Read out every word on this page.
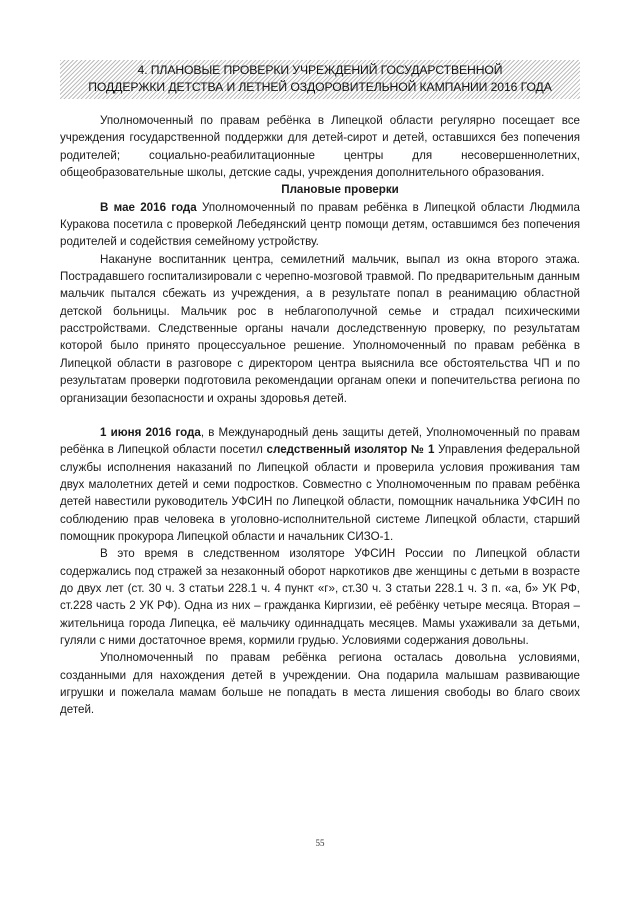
4. ПЛАНОВЫЕ ПРОВЕРКИ УЧРЕЖДЕНИЙ ГОСУДАРСТВЕННОЙ
ПОДДЕРЖКИ ДЕТСТВА И ЛЕТНЕЙ ОЗДОРОВИТЕЛЬНОЙ КАМПАНИИ 2016 ГОДА

Уполномоченный по правам ребёнка в Липецкой области регулярно посещает все учреждения государственной поддержки для детей-сирот и детей, оставшихся без попечения родителей; социально-реабилитационные центры для несовершеннолетних, общеобразовательные школы, детские сады, учреждения дополнительного образования.

Плановые проверки

В мае 2016 года Уполномоченный по правам ребёнка в Липецкой области Людмила Куракова посетила с проверкой Лебедянский центр помощи детям, оставшимся без попечения родителей и содействия семейному устройству.

Накануне воспитанник центра, семилетний мальчик, выпал из окна второго этажа. Пострадавшего госпитализировали с черепно-мозговой травмой. По предварительным данным мальчик пытался сбежать из учреждения, а в результате попал в реанимацию областной детской больницы. Мальчик рос в неблагополучной семье и страдал психическими расстройствами. Следственные органы начали доследственную проверку, по результатам которой было принято процессуальное решение. Уполномоченный по правам ребёнка в Липецкой области в разговоре с директором центра выяснила все обстоятельства ЧП и по результатам проверки подготовила рекомендации органам опеки и попечительства региона по организации безопасности и охраны здоровья детей.

1 июня 2016 года, в Международный день защиты детей, Уполномоченный по правам ребёнка в Липецкой области посетил следственный изолятор № 1 Управления федеральной службы исполнения наказаний по Липецкой области и проверила условия проживания там двух малолетних детей и семи подростков. Совместно с Уполномоченным по правам ребёнка детей навестили руководитель УФСИН по Липецкой области, помощник начальника УФСИН по соблюдению прав человека в уголовно-исполнительной системе Липецкой области, старший помощник прокурора Липецкой области и начальник СИЗО-1.

В это время в следственном изоляторе УФСИН России по Липецкой области содержались под стражей за незаконный оборот наркотиков две женщины с детьми в возрасте до двух лет (ст. 30 ч. 3 статьи 228.1 ч. 4 пункт «г», ст.30 ч. 3 статьи 228.1 ч. 3 п. «а, б» УК РФ, ст.228 часть 2 УК РФ). Одна из них – гражданка Киргизии, её ребёнку четыре месяца. Вторая – жительница города Липецка, её мальчику одиннадцать месяцев. Мамы ухаживали за детьми, гуляли с ними достаточное время, кормили грудью. Условиями содержания довольны.

Уполномоченный по правам ребёнка региона осталась довольна условиями, созданными для нахождения детей в учреждении. Она подарила малышам развивающие игрушки и пожелала мамам больше не попадать в места лишения свободы во благо своих детей.

55
